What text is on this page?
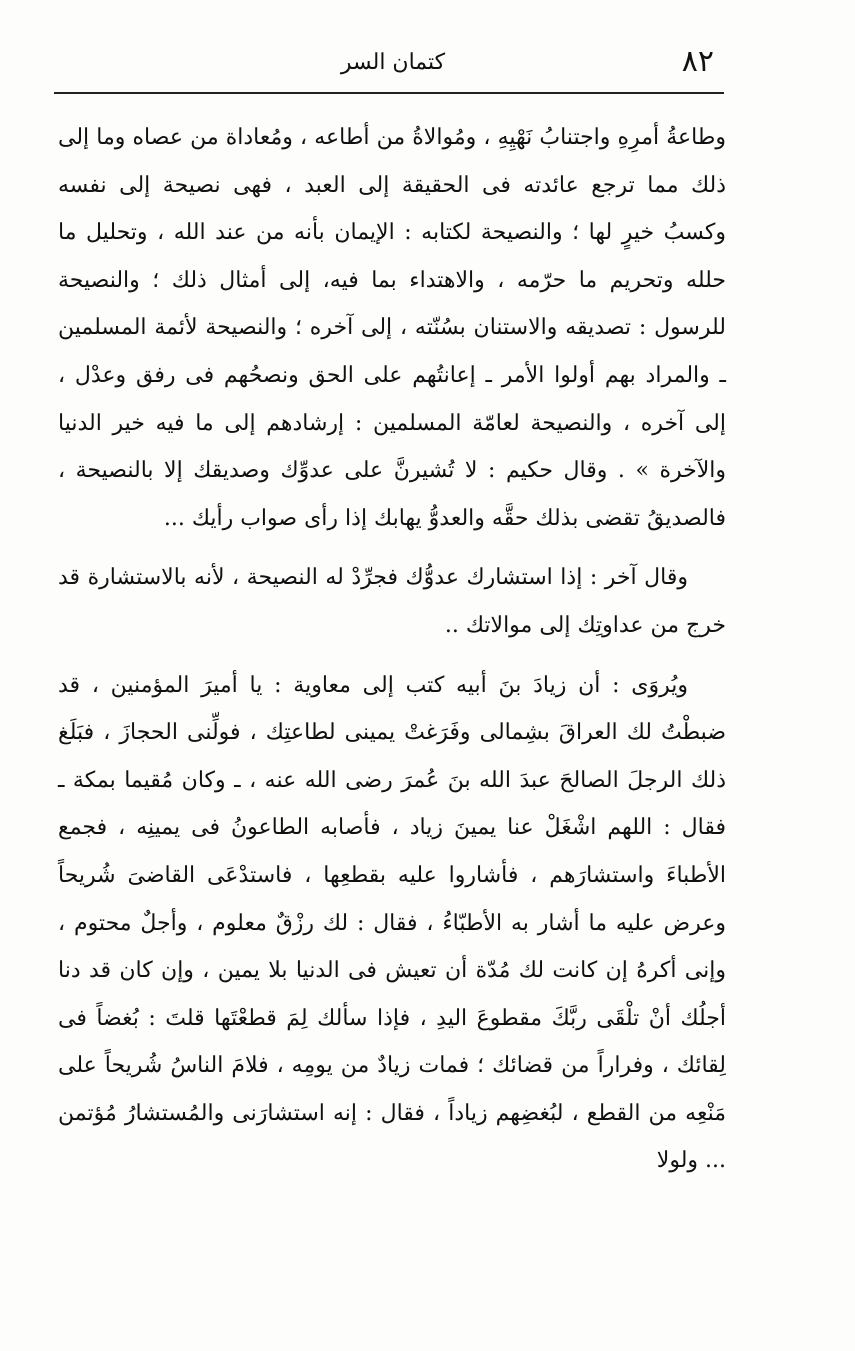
كتمان السر	٨٢

وطاعةُ أمرِهِ واجتنابُ نَهْيِهِ ، ومُوالاةُ من أطاعه ، ومُعاداة من عصاه وما إلى ذلك مما ترجع عائدته فى الحقيقة إلى العبد ، فهى نصيحة إلى نفسه وكسبُ خيرٍ لها ؛ والنصيحة لكتابه : الإيمان بأنه من عند الله ، وتحليل ما حلله وتحريم ما حرّمه ، والاهتداء بما فيه، إلى أمثال ذلك ؛ والنصيحة للرسول : تصديقه والاستنان بسُنّته ، إلى آخره ؛ والنصيحة لأئمة المسلمين ـ والمراد بهم أولوا الأمر ـ إعانتُهم على الحق ونصحُهم فى رفق وعدْل ، إلى آخره ، والنصيحة لعامّة المسلمين : إرشادهم إلى ما فيه خير الدنيا والآخرة » . وقال حكيم : لا تُشيرنَّ على عدوِّك وصديقك إلا بالنصيحة ، فالصديقُ تقضى بذلك حقَّه والعدوُّ يهابك إذا رأى صواب رأيك ...

وقال آخر : إذا استشارك عدوُّك فجرِّدْ له النصيحة ، لأنه بالاستشارة قد خرج من عداوتِك إلى موالاتك ..

ويُروَى : أن زيادَ بنَ أبيه كتب إلى معاوية : يا أميرَ المؤمنين ، قد ضبطْتُ لك العراقَ بشِمالى وفَرَغتْ يمينى لطاعتِك ، فولِّنى الحجازَ ، فبَلَغ ذلك الرجلَ الصالحَ عبدَ الله بنَ عُمرَ رضى الله عنه ، ـ وكان مُقيما بمكة ـ فقال : اللهم اشْغَلْ عنا يمينَ زياد ، فأصابه الطاعونُ فى يمينِه ، فجمع الأطباءَ واستشارَهم ، فأشاروا عليه بقطعِها ، فاستدْعَى القاضىَ شُريحاً وعرض عليه ما أشار به الأطبّاءُ ، فقال : لك رزْقٌ معلوم ، وأجلٌ محتوم ، وإنى أكرهُ إن كانت لك مُدّة أن تعيش فى الدنيا بلا يمين ، وإن كان قد دنا أجلُك أنْ تلْقَى ربَّكَ مقطوعَ اليدِ ، فإذا سألك لِمَ قطعْتَها قلتَ : بُغضاً فى لِقائك ، وفراراً من قضائك ؛ فمات زيادٌ من يومِه ، فلامَ الناسُ شُريحاً على مَنْعِه من القطع ، لبُغضِهم زياداً ، فقال : إنه استشارَنى والمُستشارُ مُؤتمن ... ولولا
